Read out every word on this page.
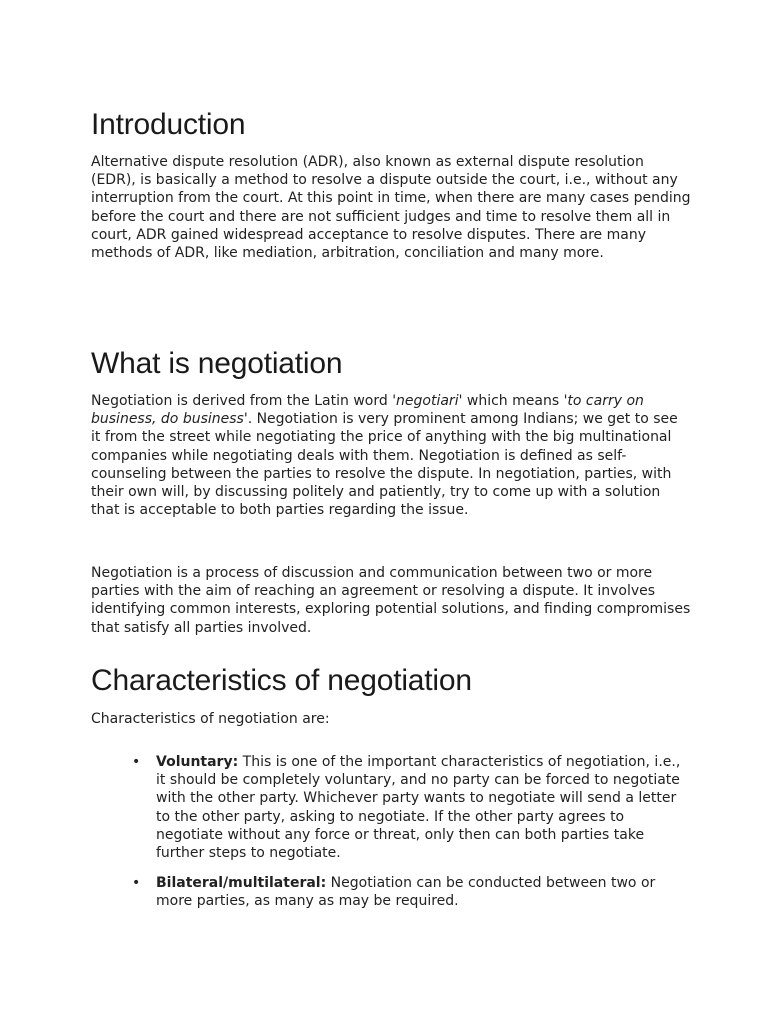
Introduction

Alternative dispute resolution (ADR), also known as external dispute resolution (EDR), is basically a method to resolve a dispute outside the court, i.e., without any interruption from the court. At this point in time, when there are many cases pending before the court and there are not sufficient judges and time to resolve them all in court, ADR gained widespread acceptance to resolve disputes. There are many methods of ADR, like mediation, arbitration, conciliation and many more.

What is negotiation

Negotiation is derived from the Latin word 'negotiari' which means 'to carry on business, do business'. Negotiation is very prominent among Indians; we get to see it from the street while negotiating the price of anything with the big multinational companies while negotiating deals with them. Negotiation is defined as self-counseling between the parties to resolve the dispute. In negotiation, parties, with their own will, by discussing politely and patiently, try to come up with a solution that is acceptable to both parties regarding the issue.

Negotiation is a process of discussion and communication between two or more parties with the aim of reaching an agreement or resolving a dispute. It involves identifying common interests, exploring potential solutions, and finding compromises that satisfy all parties involved.

Characteristics of negotiation

Characteristics of negotiation are:

• Voluntary: This is one of the important characteristics of negotiation, i.e., it should be completely voluntary, and no party can be forced to negotiate with the other party. Whichever party wants to negotiate will send a letter to the other party, asking to negotiate. If the other party agrees to negotiate without any force or threat, only then can both parties take further steps to negotiate.
• Bilateral/multilateral: Negotiation can be conducted between two or more parties, as many as may be required.
